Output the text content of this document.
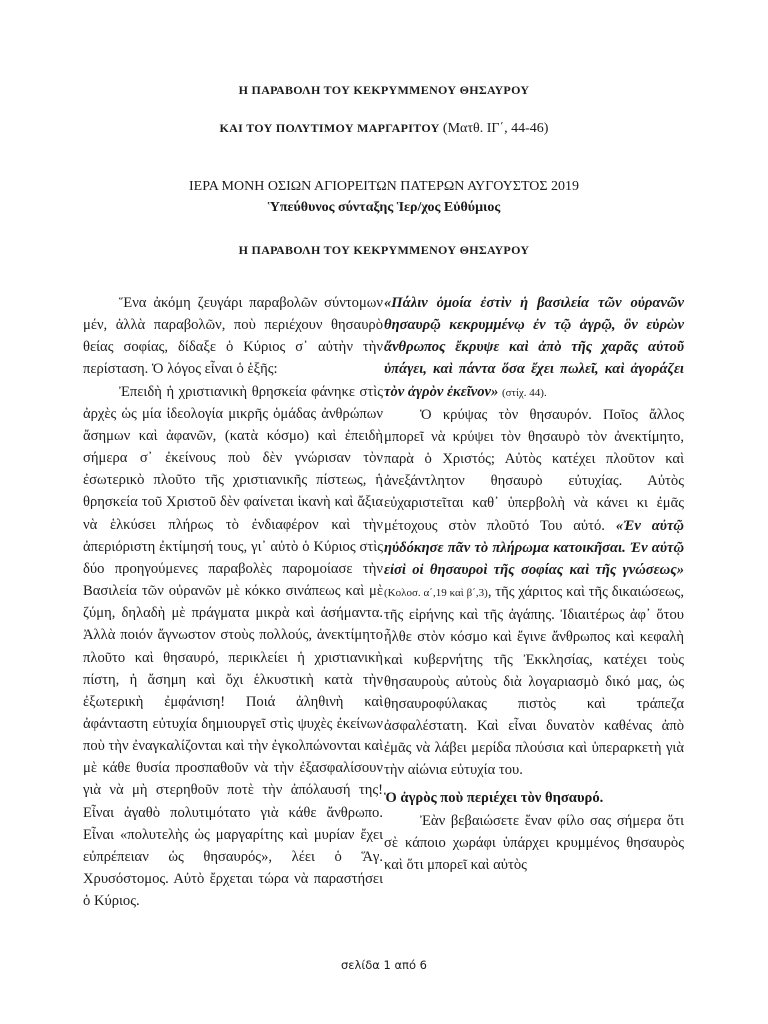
Η ΠΑΡΑΒΟΛΗ ΤΟΥ ΚΕΚΡΥΜΜΕΝΟΥ ΘΗΣΑΥΡΟΥ
ΚΑΙ ΤΟΥ ΠΟΛΥΤΙΜΟΥ ΜΑΡΓΑΡΙΤΟΥ (Ματθ. ΙΓ΄, 44-46)
ΙΕΡΑ ΜΟΝΗ ΟΣΙΩΝ ΑΓΙΟΡΕΙΤΩΝ ΠΑΤΕΡΩΝ ΑΥΓΟΥΣΤΟΣ 2019
Ὑπεύθυνος σύνταξης Ἱερ/χος Εὐθύμιος
Η ΠΑΡΑΒΟΛΗ ΤΟΥ ΚΕΚΡΥΜΜΕΝΟΥ ΘΗΣΑΥΡΟΥ

Ἕνα ἀκόμη ζευγάρι παραβολῶν σύντομων μέν, ἀλλὰ παραβολῶν, ποὺ περιέχουν θησαυρὸ θείας σοφίας, δίδαξε ὁ Κύριος σ᾽ αὐτὴν τὴν περίσταση. Ὁ λόγος εἶναι ὁ ἑξῆς:

Ἐπειδὴ ἡ χριστιανικὴ θρησκεία φάνηκε στὶς ἀρχὲς ὡς μία ἰδεολογία μικρῆς ὁμάδας ἀνθρώπων ἄσημων καὶ ἀφανῶν, (κατὰ κόσμο) καὶ ἐπειδὴ σήμερα σ᾽ ἐκείνους ποὺ δὲν γνώρισαν τὸν ἐσωτερικὸ πλοῦτο τῆς χριστιανικῆς πίστεως, ἡ θρησκεία τοῦ Χριστοῦ δὲν φαίνεται ἱκανὴ καὶ ἄξια νὰ ἑλκύσει πλήρως τὸ ἐνδιαφέρον καὶ τὴν ἀπεριόριστη ἐκτίμησή τους, γι᾽ αὐτὸ ὁ Κύριος στὶς δύο προηγούμενες παραβολὲς παρομοίασε τὴν Βασιλεία τῶν οὐρανῶν μὲ κόκκο σινάπεως καὶ μὲ ζύμη, δηλαδὴ μὲ πράγματα μικρὰ καὶ ἀσήμαντα. Ἀλλὰ ποιόν ἄγνωστον στοὺς πολλούς, ἀνεκτίμητο πλοῦτο καὶ θησαυρό, περικλείει ἡ χριστιανικὴ πίστη, ἡ ἄσημη καὶ ὄχι ἑλκυστικὴ κατὰ τὴν ἐξωτερικὴ ἐμφάνιση! Ποιά ἀληθινὴ καὶ ἀφάνταστη εὐτυχία δημιουργεῖ στὶς ψυχὲς ἐκείνων ποὺ τὴν ἐναγκαλίζονται καὶ τὴν ἐγκολπώνονται καὶ μὲ κάθε θυσία προσπαθοῦν νὰ τὴν ἐξασφαλίσουν γιὰ νὰ μὴ στερηθοῦν ποτὲ τὴν ἀπόλαυσή της! Εἶναι ἀγαθὸ πολυτιμότατο γιὰ κάθε ἄνθρωπο. Εἶναι «πολυτελὴς ὡς μαργαρίτης καὶ μυρίαν ἔχει εὐπρέπειαν ὡς θησαυρός», λέει ὁ Ἅγ. Χρυσόστομος. Αὐτὸ ἔρχεται τώρα νὰ παραστήσει ὁ Κύριος.

«Πάλιν ὁμοία ἐστὶν ἡ βασιλεία τῶν οὐρανῶν θησαυρῷ κεκρυμμένῳ ἐν τῷ ἀγρῷ, ὃν εὑρὼν ἄνθρωπος ἔκρυψε καὶ ἀπὸ τῆς χαρᾶς αὐτοῦ ὑπάγει, καὶ πάντα ὅσα ἔχει πωλεῖ, καὶ ἀγοράζει τὸν ἀγρὸν ἐκεῖνον» (στίχ. 44).

Ὁ κρύψας τὸν θησαυρόν. Ποῖος ἄλλος μπορεῖ νὰ κρύψει τὸν θησαυρὸ τὸν ἀνεκτίμητο, παρὰ ὁ Χριστός; Αὐτὸς κατέχει πλοῦτον καὶ ἀνεξάντλητον θησαυρὸ εὐτυχίας. Αὐτὸς εὐχαριστεῖται καθ᾽ ὑπερβολὴ νὰ κάνει κι ἐμᾶς μέτοχους στὸν πλοῦτό Του αὐτό. «Ἐν αὐτῷ ηὐδόκησε πᾶν τὸ πλήρωμα κατοικῆσαι. Ἐν αὐτῷ εἰσὶ οἱ θησαυροὶ τῆς σοφίας καὶ τῆς γνώσεως» (Κολοσ. α΄,19 καὶ β΄,3), τῆς χάριτος καὶ τῆς δικαιώσεως, τῆς εἰρήνης καὶ τῆς ἀγάπης. Ἰδιαιτέρως ἀφ᾽ ὅτου ἦλθε στὸν κόσμο καὶ ἔγινε ἄνθρωπος καὶ κεφαλὴ καὶ κυβερνήτης τῆς Ἐκκλησίας, κατέχει τοὺς θησαυροὺς αὐτοὺς διὰ λογαριασμὸ δικό μας, ὡς θησαυροφύλακας πιστὸς καὶ τράπεζα ἀσφαλέστατη. Καὶ εἶναι δυνατὸν καθένας ἀπὸ ἐμᾶς νὰ λάβει μερίδα πλούσια καὶ ὑπεραρκετὴ γιὰ τὴν αἰώνια εὐτυχία του.

Ὁ ἀγρὸς ποὺ περιέχει τὸν θησαυρό.

Ἐὰν βεβαιώσετε ἕναν φίλο σας σήμερα ὅτι σὲ κάποιο χωράφι ὑπάρχει κρυμμένος θησαυρὸς καὶ ὅτι μπορεῖ καὶ αὐτὸς

σελίδα 1 από 6
